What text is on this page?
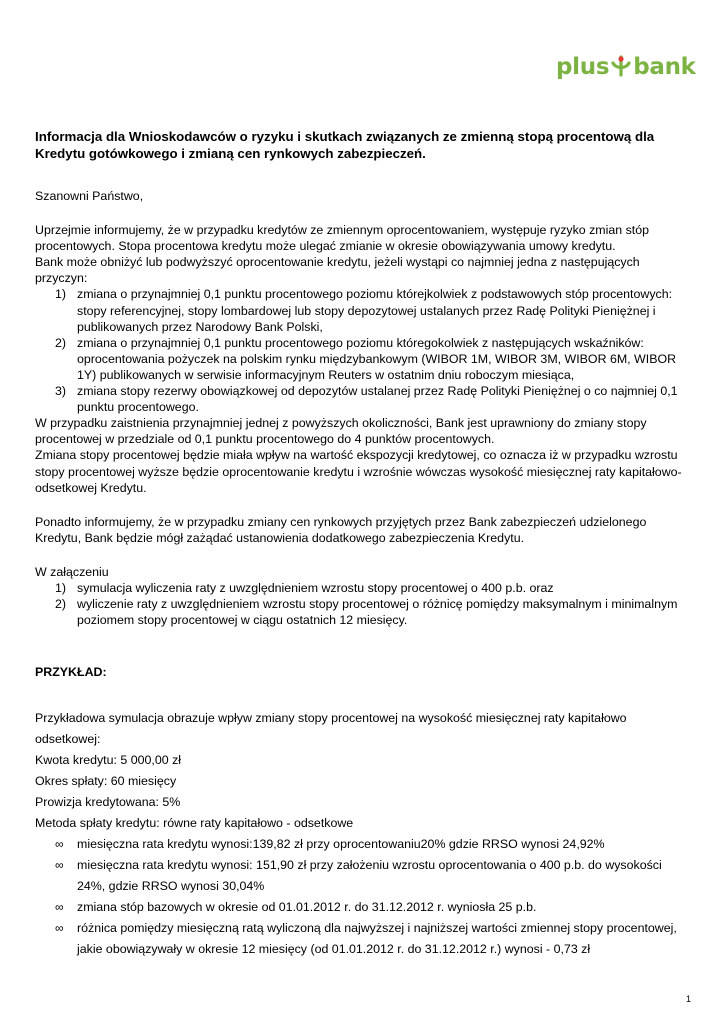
plus bank

Informacja dla Wnioskodawców o ryzyku i skutkach związanych ze zmienną stopą procentową dla Kredytu gotówkowego i zmianą cen rynkowych zabezpieczeń.

Szanowni Państwo,

Uprzejmie informujemy, że w przypadku kredytów ze zmiennym oprocentowaniem, występuje ryzyko zmian stóp procentowych. Stopa procentowa kredytu może ulegać zmianie w okresie obowiązywania umowy kredytu.

Bank może obniżyć lub podwyższyć oprocentowanie kredytu, jeżeli wystąpi co najmniej jedna z następujących przyczyn:

1) zmiana o przynajmniej 0,1 punktu procentowego poziomu którejkolwiek z podstawowych stóp procentowych: stopy referencyjnej, stopy lombardowej lub stopy depozytowej ustalanych przez Radę Polityki Pieniężnej i publikowanych przez Narodowy Bank Polski,
2) zmiana o przynajmniej 0,1 punktu procentowego poziomu któregokolwiek z następujących wskaźników: oprocentowania pożyczek na polskim rynku międzybankowym (WIBOR 1M, WIBOR 3M, WIBOR 6M, WIBOR 1Y) publikowanych w serwisie informacyjnym Reuters w ostatnim dniu roboczym miesiąca,
3) zmiana stopy rezerwy obowiązkowej od depozytów ustalanej przez Radę Polityki Pieniężnej o co najmniej 0,1 punktu procentowego.

W przypadku zaistnienia przynajmniej jednej z powyższych okoliczności, Bank jest uprawniony do zmiany stopy procentowej w przedziale od 0,1 punktu procentowego do 4 punktów procentowych.

Zmiana stopy procentowej będzie miała wpływ na wartość ekspozycji kredytowej, co oznacza iż w przypadku wzrostu stopy procentowej wyższe będzie oprocentowanie kredytu i wzrośnie wówczas wysokość miesięcznej raty kapitałowo-odsetkowej Kredytu.

Ponadto informujemy, że w przypadku zmiany cen rynkowych przyjętych przez Bank zabezpieczeń udzielonego Kredytu, Bank będzie mógł zażądać ustanowienia dodatkowego zabezpieczenia Kredytu.

W załączeniu

1) symulacja wyliczenia raty z uwzględnieniem wzrostu stopy procentowej o 400 p.b. oraz
2) wyliczenie raty z uwzględnieniem wzrostu stopy procentowej o różnicę pomiędzy maksymalnym i minimalnym poziomem stopy procentowej w ciągu ostatnich 12 miesięcy.

PRZYKŁAD:

Przykładowa symulacja obrazuje wpływ zmiany stopy procentowej na wysokość miesięcznej raty kapitałowo odsetkowej:

Kwota kredytu: 5 000,00 zł

Okres spłaty: 60 miesięcy

Prowizja kredytowana: 5%

Metoda spłaty kredytu: równe raty kapitałowo - odsetkowe

∞ miesięczna rata kredytu wynosi:139,82 zł przy oprocentowaniu20% gdzie RRSO wynosi 24,92%
∞ miesięczna rata kredytu wynosi: 151,90 zł przy założeniu wzrostu oprocentowania o 400 p.b. do wysokości 24%, gdzie RRSO wynosi 30,04%
∞ zmiana stóp bazowych w okresie od 01.01.2012 r. do 31.12.2012 r. wyniosła 25 p.b.
∞ różnica pomiędzy miesięczną ratą wyliczoną dla najwyższej i najniższej wartości zmiennej stopy procentowej, jakie obowiązywały w okresie 12 miesięcy (od 01.01.2012 r. do 31.12.2012 r.) wynosi - 0,73 zł
1
